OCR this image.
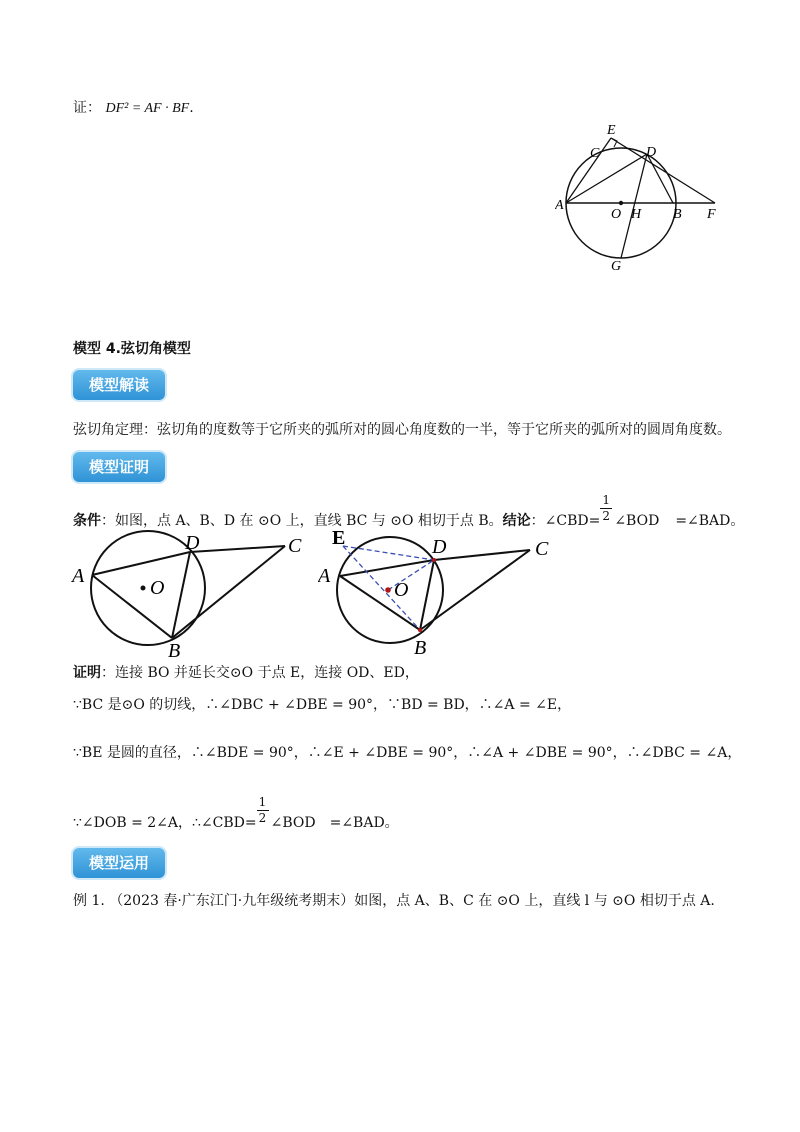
证： DF² = AF · BF.
E
C	D
A
O H B F
G
模型 4.弦切角模型
模型解读
弦切角定理：弦切角的度数等于它所夹的弧所对的圆心角度数的一半，等于它所夹的弧所对的圆周角度数。
模型证明
条件：如图，点 A、B、D 在 ⊙O 上，直线 BC 与 ⊙O 相切于点 B。结论：∠CBD= $\frac{1}{2}$ ∠BOD =∠BAD。
A
O
D	C
B
E
A
O
D	C
B
证明：连接 BO 并延长交⊙O 于点 E，连接 OD、ED，
∵BC 是⊙O 的切线，∴∠DBC + ∠DBE = 90°，∵BD = BD，∴∠A = ∠E，
∵BE 是圆的直径，∴∠BDE = 90°，∴∠E + ∠DBE = 90°，∴∠A + ∠DBE = 90°，∴∠DBC = ∠A，
∵∠DOB = 2∠A，∴∠CBD= $\frac{1}{2}$ ∠BOD =∠BAD。
模型运用
例 1. （2023 春·广东江门·九年级统考期末）如图，点 A、B、C 在 ⊙O 上，直线 l 与 ⊙O 相切于点 A.
